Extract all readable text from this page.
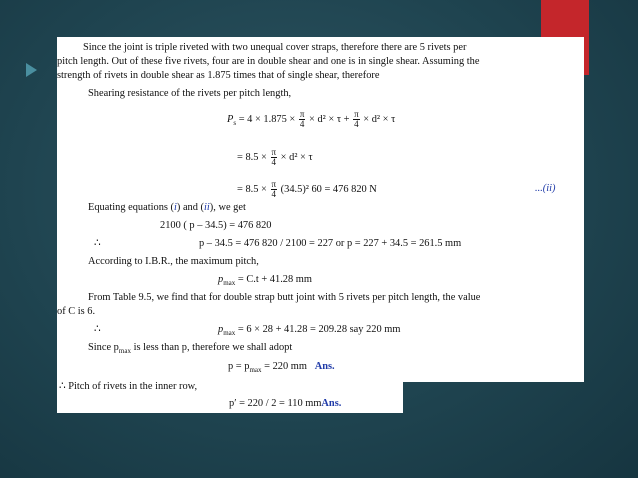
Since the joint is triple riveted with two unequal cover straps, therefore there are 5 rivets per
pitch length. Out of these five rivets, four are in double shear and one is in single shear. Assuming the
strength of rivets in double shear as 1.875 times that of single shear, therefore
Shearing resistance of the rivets per pitch length,
$P_s = 4 \times 1.875 \times \frac{\pi}{4} \times d^2 \times \tau + \frac{\pi}{4} \times d^2 \times \tau$
= $8.5 \times \frac{\pi}{4} \times d^2 \times \tau$
= $8.5 \times \frac{\pi}{4} (34.5)^2$ 60 = 476 820 N	...(ii)
Equating equations (i) and (ii), we get
2100 ( p – 34.5) = 476 820
∴	p – 34.5 = 476 820 / 2100 = 227 or p = 227 + 34.5 = 261.5 mm
According to I.B.R., the maximum pitch,
$p_{max} = C.t + 41.28$ mm
From Table 9.5, we find that for double strap butt joint with 5 rivets per pitch length, the value
of C is 6.
∴	$p_{max} = 6 \times 28 + 41.28 = 209.28$ say 220 mm
Since $p_{max}$ is less than p, therefore we shall adopt
$p = p_{max} = 220$ mm Ans.
∴ Pitch of rivets in the inner row,
p′ = 220 / 2 = 110 mmAns.
